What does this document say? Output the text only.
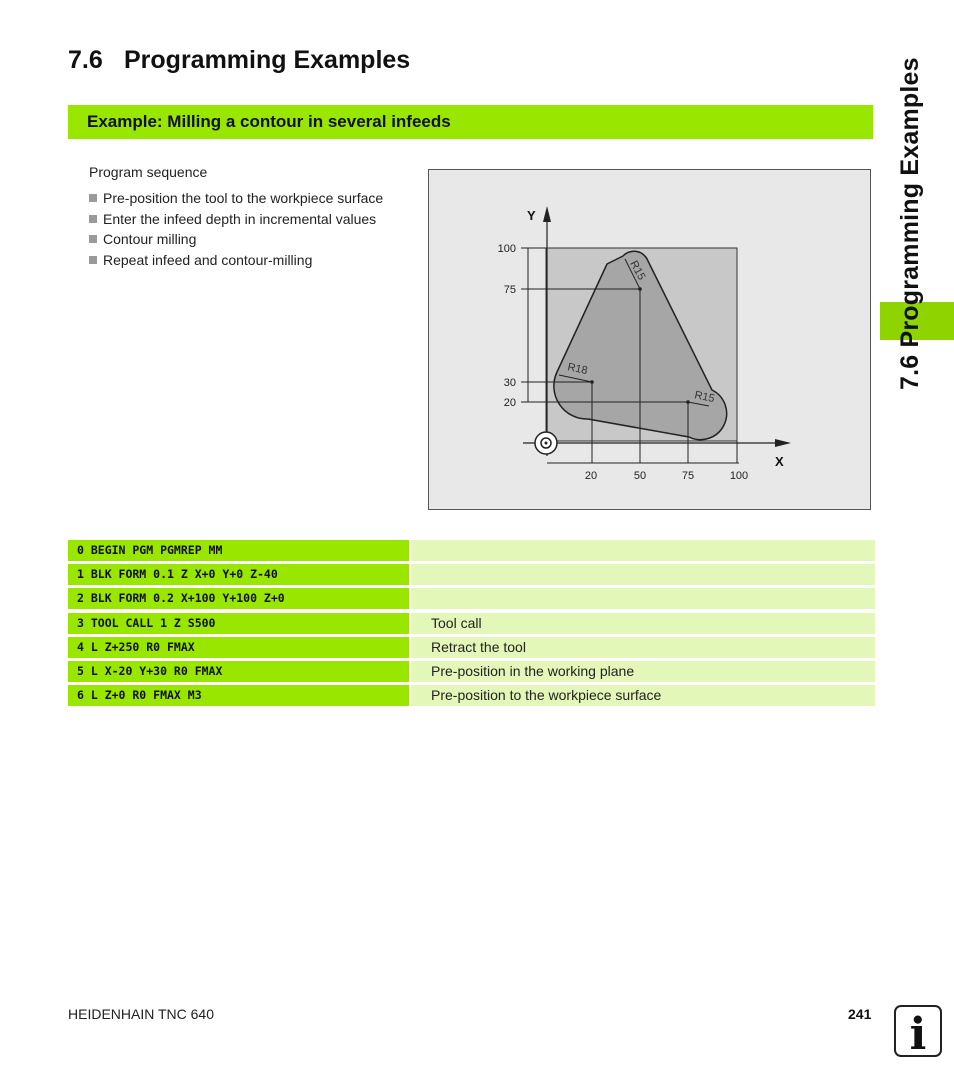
7.6 Programming Examples	7.6 Programming Examples
Example: Milling a contour in several infeeds
Program sequence
Pre-position the tool to the workpiece surface
Enter the infeed depth in incremental values
Contour milling
Repeat infeed and contour-milling
Y
X
100
75
30
20
20	50	75	100
R15
R18
R15
0 BEGIN PGM PGMREP MM
1 BLK FORM 0.1 Z X+0 Y+0 Z-40
2 BLK FORM 0.2 X+100 Y+100 Z+0
3 TOOL CALL 1 Z S500	Tool call
4 L Z+250 R0 FMAX	Retract the tool
5 L X-20 Y+30 R0 FMAX	Pre-position in the working plane
6 L Z+0 R0 FMAX M3	Pre-position to the workpiece surface
HEIDENHAIN TNC 640	241 i
